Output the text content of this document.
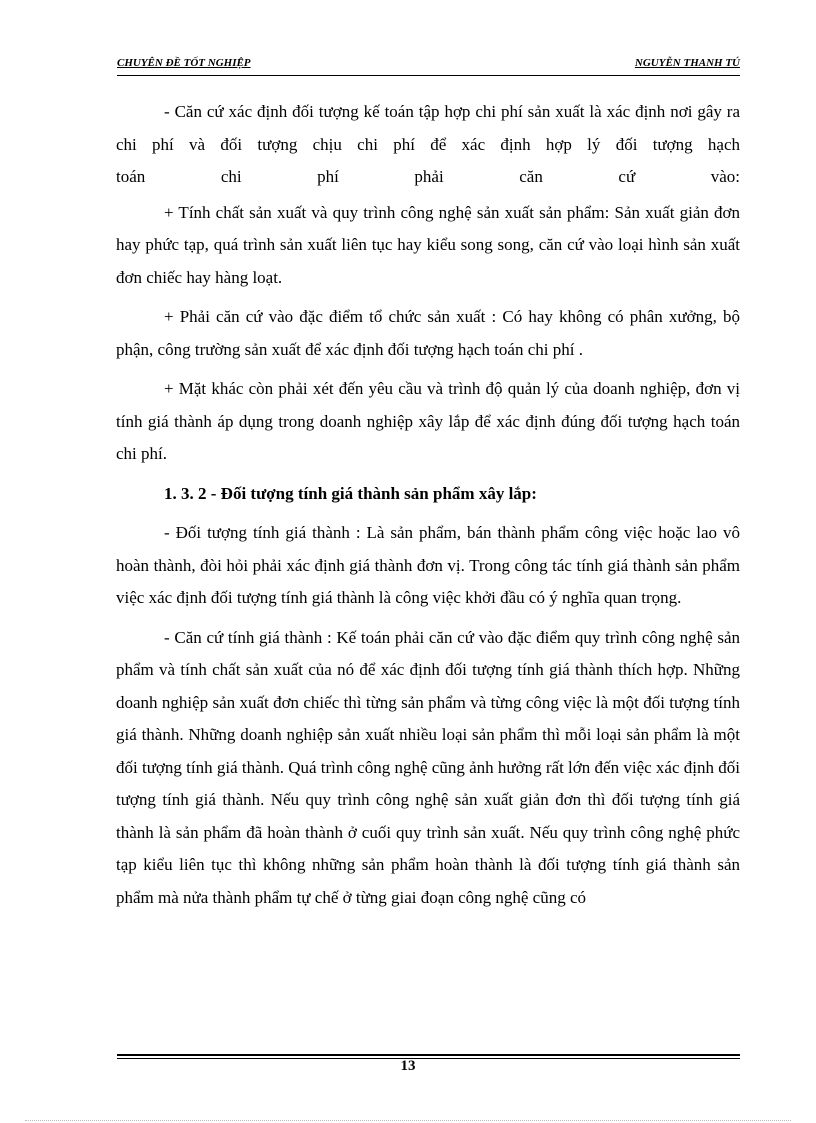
CHUYÊN ĐỀ TỐT NGHIỆP	NGUYỄN THANH TÚ

- Căn cứ xác định đối tượng kế toán tập hợp chi phí sản xuất là xác định nơi gây ra chi phí và đối tượng chịu chi phí để xác định hợp lý đối tượng hạch

toán chi phí phải căn cứ vào:

+ Tính chất sản xuất và quy trình công nghệ sản xuất sản phẩm: Sản xuất giản đơn hay phức tạp, quá trình sản xuất liên tục hay kiểu song song, căn cứ vào loại hình sản xuất đơn chiếc hay hàng loạt.

+ Phải căn cứ vào đặc điểm tổ chức sản xuất : Có hay không có phân xưởng, bộ phận, công trường sản xuất để xác định đối tượng hạch toán chi phí .

+ Mặt khác còn phải xét đến yêu cầu và trình độ quản lý của doanh nghiệp, đơn vị tính giá thành áp dụng trong doanh nghiệp xây lắp để xác định đúng đối tượng hạch toán chi phí.

1. 3. 2 - Đối tượng tính giá thành sản phẩm xây lắp:

- Đối tượng tính giá thành : Là sản phẩm, bán thành phẩm công việc hoặc lao vô hoàn thành, đòi hỏi phải xác định giá thành đơn vị. Trong công tác tính giá thành sản phẩm việc xác định đối tượng tính giá thành là công việc khởi đầu có ý nghĩa quan trọng.

- Căn cứ tính giá thành : Kế toán phải căn cứ vào đặc điểm quy trình công nghệ sản phẩm và tính chất sản xuất của nó để xác định đối tượng tính giá thành thích hợp. Những doanh nghiệp sản xuất đơn chiếc thì từng sản phẩm và từng công việc là một đối tượng tính giá thành. Những doanh nghiệp sản xuất nhiều loại sản phẩm thì mỗi loại sản phẩm là một đối tượng tính giá thành. Quá trình công nghệ cũng ảnh hưởng rất lớn đến việc xác định đối tượng tính giá thành. Nếu quy trình công nghệ sản xuất giản đơn thì đối tượng tính giá thành là sản phẩm đã hoàn thành ở cuối quy trình sản xuất. Nếu quy trình công nghệ phức tạp kiểu liên tục thì không những sản phẩm hoàn thành là đối tượng tính giá thành sản phẩm mà nửa thành phẩm tự chế ở từng giai đoạn công nghệ cũng có

13
